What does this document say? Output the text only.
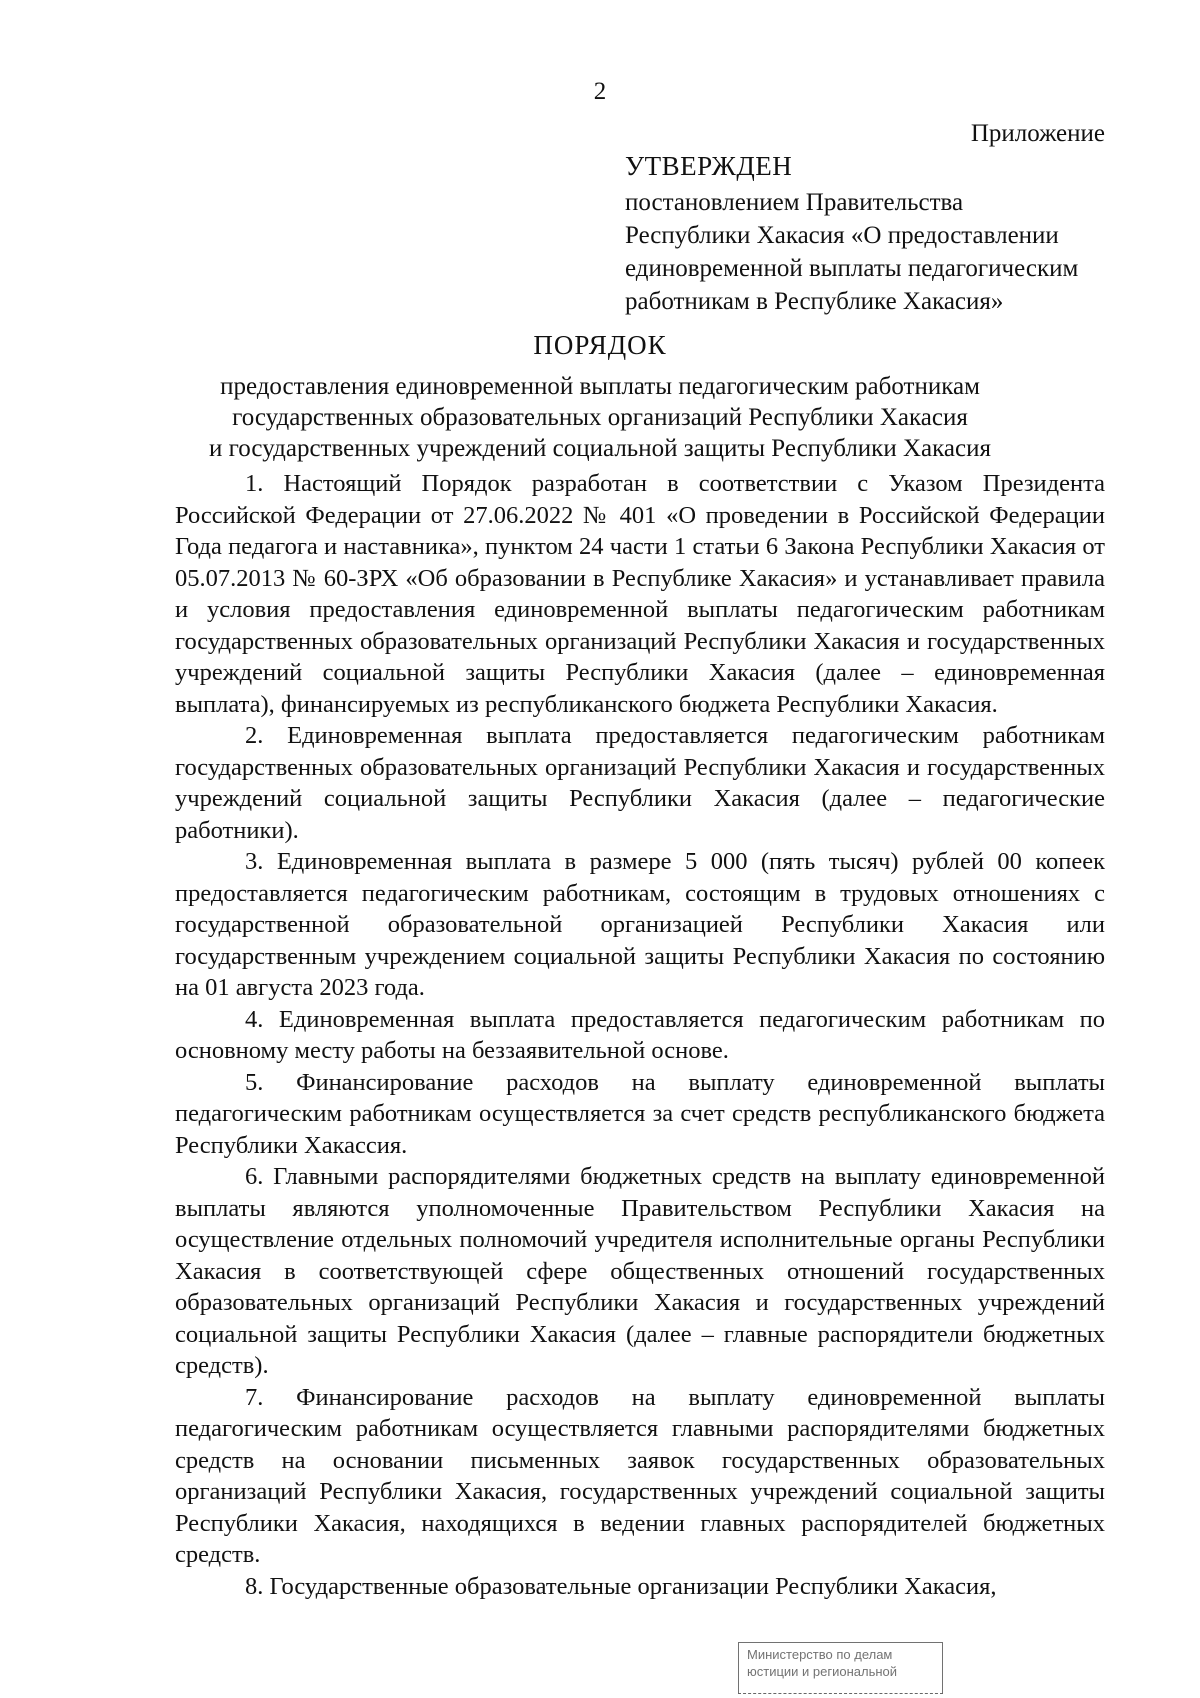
2
Приложение
УТВЕРЖДЕН
постановлением Правительства
Республики Хакасия «О предоставлении
единовременной выплаты педагогическим
работникам в Республике Хакасия»
ПОРЯДОК
предоставления единовременной выплаты педагогическим работникам
государственных образовательных организаций Республики Хакасия
и государственных учреждений социальной защиты Республики Хакасия

1. Настоящий Порядок разработан в соответствии с Указом Президента Российской Федерации от 27.06.2022 № 401 «О проведении в Российской Федерации Года педагога и наставника», пунктом 24 части 1 статьи 6 Закона Республики Хакасия от 05.07.2013 № 60-ЗРХ «Об образовании в Республике Хакасия» и устанавливает правила и условия предоставления единовременной выплаты педагогическим работникам государственных образовательных организаций Республики Хакасия и государственных учреждений социальной защиты Республики Хакасия (далее – единовременная выплата), финансируемых из республиканского бюджета Республики Хакасия.

2. Единовременная выплата предоставляется педагогическим работникам государственных образовательных организаций Республики Хакасия и государственных учреждений социальной защиты Республики Хакасия (далее – педагогические работники).

3. Единовременная выплата в размере 5 000 (пять тысяч) рублей 00 копеек предоставляется педагогическим работникам, состоящим в трудовых отношениях с государственной образовательной организацией Республики Хакасия или государственным учреждением социальной защиты Республики Хакасия по состоянию на 01 августа 2023 года.

4. Единовременная выплата предоставляется педагогическим работникам по основному месту работы на беззаявительной основе.

5. Финансирование расходов на выплату единовременной выплаты педагогическим работникам осуществляется за счет средств республиканского бюджета Республики Хакассия.

6. Главными распорядителями бюджетных средств на выплату единовременной выплаты являются уполномоченные Правительством Республики Хакасия на осуществление отдельных полномочий учредителя исполнительные органы Республики Хакасия в соответствующей сфере общественных отношений государственных образовательных организаций Республики Хакасия и государственных учреждений социальной защиты Республики Хакасия (далее – главные распорядители бюджетных средств).

7. Финансирование расходов на выплату единовременной выплаты педагогическим работникам осуществляется главными распорядителями бюджетных средств на основании письменных заявок государственных образовательных организаций Республики Хакасия, государственных учреждений социальной защиты Республики Хакасия, находящихся в ведении главных распорядителей бюджетных средств.

8. Государственные образовательные организации Республики Хакасия,

Министерство по делам
юстиции и региональной
